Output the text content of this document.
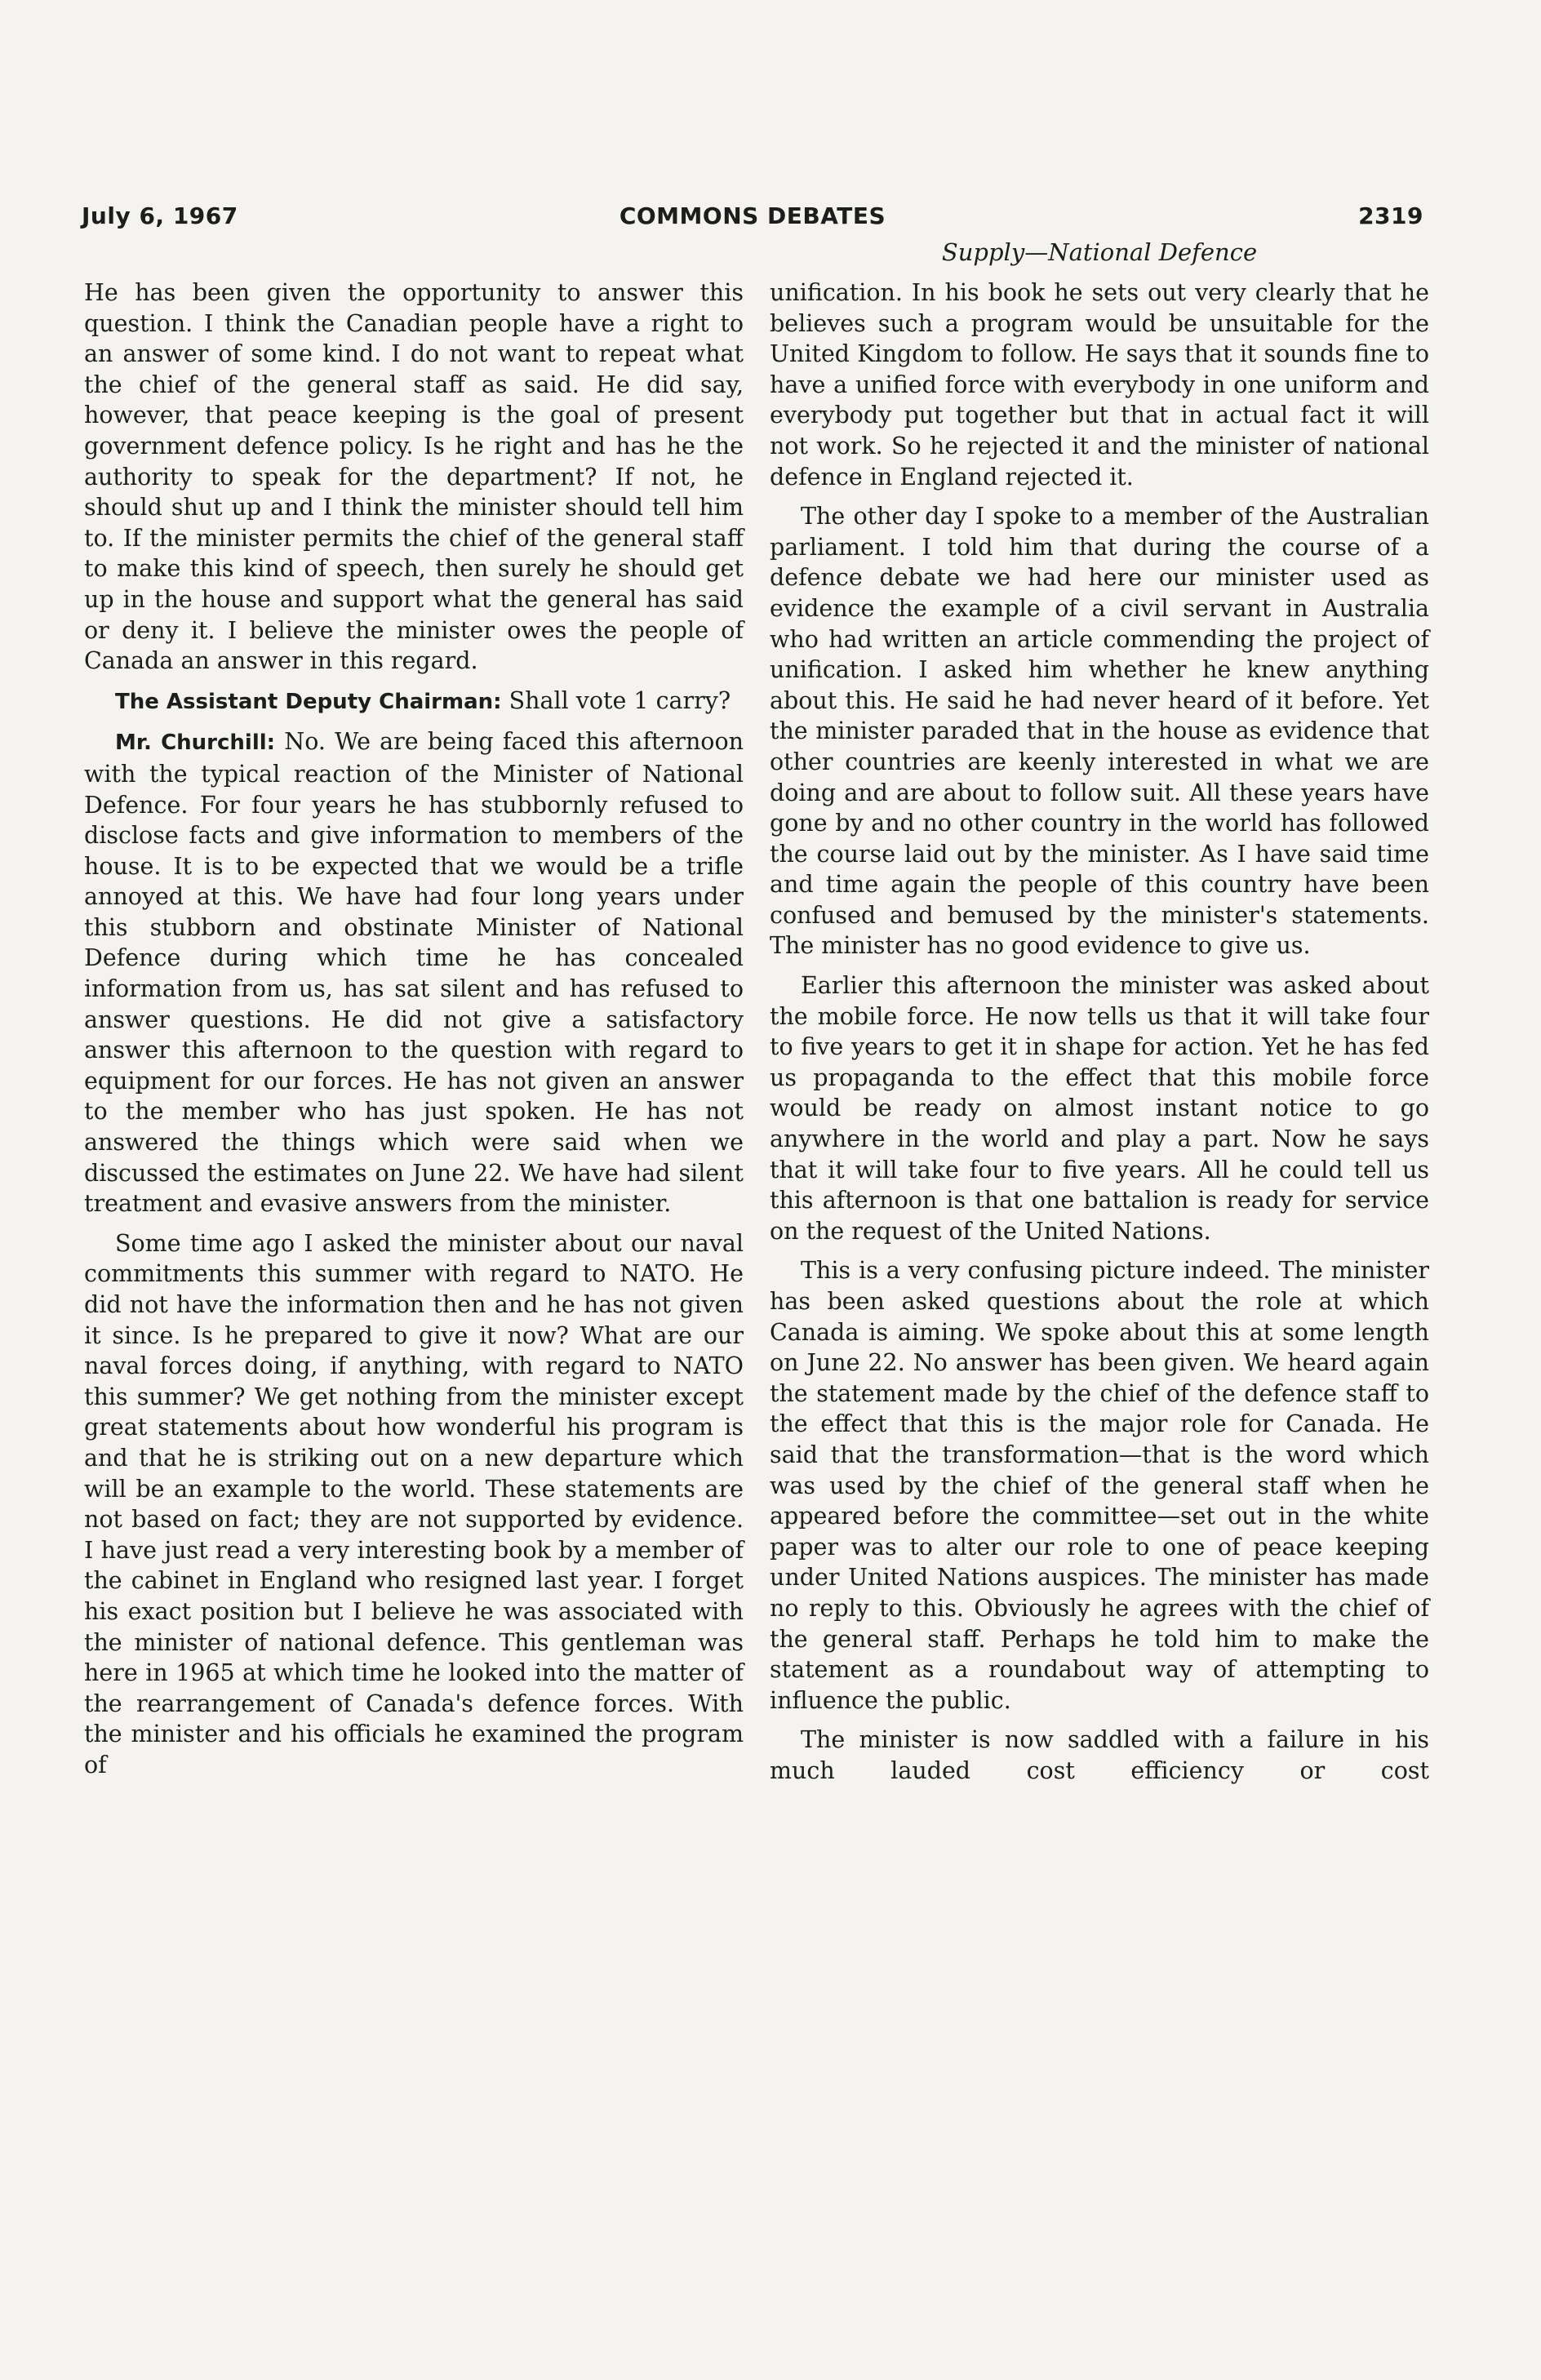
July 6, 1967	COMMONS DEBATES	2319
Supply—National Defence

He has been given the opportunity to answer this question. I think the Canadian people have a right to an answer of some kind. I do not want to repeat what the chief of the general staff as said. He did say, however, that peace keeping is the goal of present government defence policy. Is he right and has he the authority to speak for the department? If not, he should shut up and I think the minister should tell him to. If the minister permits the chief of the general staff to make this kind of speech, then surely he should get up in the house and support what the general has said or deny it. I believe the minister owes the people of Canada an answer in this regard.

The Assistant Deputy Chairman: Shall vote 1 carry?

Mr. Churchill: No. We are being faced this afternoon with the typical reaction of the Minister of National Defence. For four years he has stubbornly refused to disclose facts and give information to members of the house. It is to be expected that we would be a trifle annoyed at this. We have had four long years under this stubborn and obstinate Minister of National Defence during which time he has concealed information from us, has sat silent and has refused to answer questions. He did not give a satisfactory answer this afternoon to the question with regard to equipment for our forces. He has not given an answer to the member who has just spoken. He has not answered the things which were said when we discussed the estimates on June 22. We have had silent treatment and evasive answers from the minister.

Some time ago I asked the minister about our naval commitments this summer with regard to NATO. He did not have the information then and he has not given it since. Is he prepared to give it now? What are our naval forces doing, if anything, with regard to NATO this summer? We get nothing from the minister except great statements about how wonderful his program is and that he is striking out on a new departure which will be an example to the world. These statements are not based on fact; they are not supported by evidence. I have just read a very interesting book by a member of the cabinet in England who resigned last year. I forget his exact position but I believe he was associated with the minister of national defence. This gentleman was here in 1965 at which time he looked into the matter of the rearrangement of Canada's defence forces. With the minister and his officials he examined the program of

unification. In his book he sets out very clearly that he believes such a program would be unsuitable for the United Kingdom to follow. He says that it sounds fine to have a unified force with everybody in one uniform and everybody put together but that in actual fact it will not work. So he rejected it and the minister of national defence in England rejected it.

The other day I spoke to a member of the Australian parliament. I told him that during the course of a defence debate we had here our minister used as evidence the example of a civil servant in Australia who had written an article commending the project of unification. I asked him whether he knew anything about this. He said he had never heard of it before. Yet the minister paraded that in the house as evidence that other countries are keenly interested in what we are doing and are about to follow suit. All these years have gone by and no other country in the world has followed the course laid out by the minister. As I have said time and time again the people of this country have been confused and bemused by the minister's statements. The minister has no good evidence to give us.

Earlier this afternoon the minister was asked about the mobile force. He now tells us that it will take four to five years to get it in shape for action. Yet he has fed us propaganda to the effect that this mobile force would be ready on almost instant notice to go anywhere in the world and play a part. Now he says that it will take four to five years. All he could tell us this afternoon is that one battalion is ready for service on the request of the United Nations.

This is a very confusing picture indeed. The minister has been asked questions about the role at which Canada is aiming. We spoke about this at some length on June 22. No answer has been given. We heard again the statement made by the chief of the defence staff to the effect that this is the major role for Canada. He said that the transformation—that is the word which was used by the chief of the general staff when he appeared before the committee—set out in the white paper was to alter our role to one of peace keeping under United Nations auspices. The minister has made no reply to this. Obviously he agrees with the chief of the general staff. Perhaps he told him to make the statement as a roundabout way of attempting to influence the public.

The minister is now saddled with a failure in his much lauded cost efficiency or cost
